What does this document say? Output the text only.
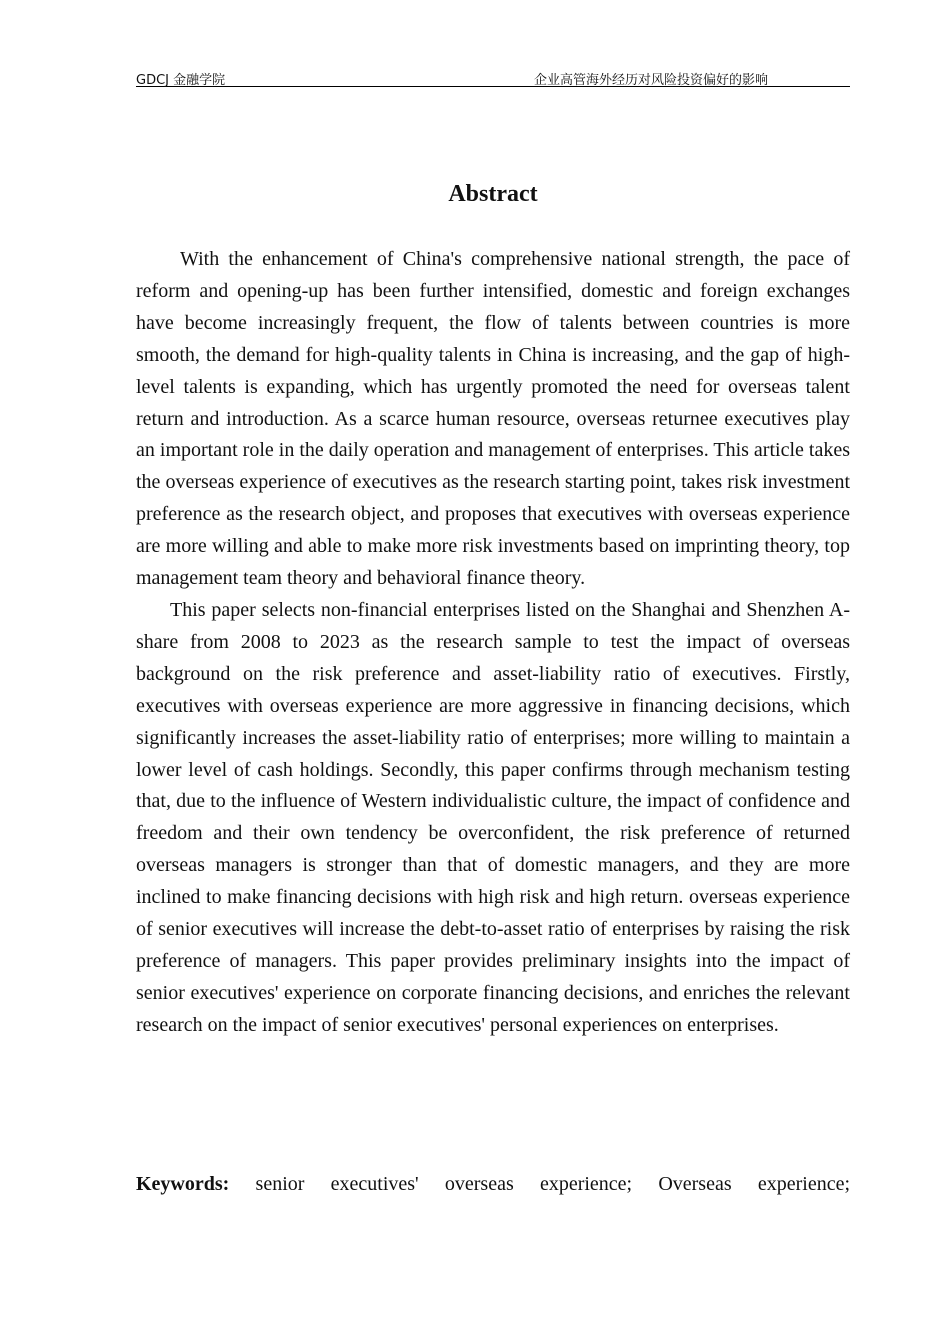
GDCJ 金融学院	企业高管海外经历对风险投资偏好的影响
Abstract

With the enhancement of China's comprehensive national strength, the pace of reform and opening-up has been further intensified, domestic and foreign exchanges have become increasingly frequent, the flow of talents between countries is more smooth, the demand for high-quality talents in China is increasing, and the gap of high-level talents is expanding, which has urgently promoted the need for overseas talent return and introduction. As a scarce human resource, overseas returnee executives play an important role in the daily operation and management of enterprises. This article takes the overseas experience of executives as the research starting point, takes risk investment preference as the research object, and proposes that executives with overseas experience are more willing and able to make more risk investments based on imprinting theory, top management team theory and behavioral finance theory.

This paper selects non-financial enterprises listed on the Shanghai and Shenzhen A-share from 2008 to 2023 as the research sample to test the impact of overseas background on the risk preference and asset-liability ratio of executives. Firstly, executives with overseas experience are more aggressive in financing decisions, which significantly increases the asset-liability ratio of enterprises; more willing to maintain a lower level of cash holdings. Secondly, this paper confirms through mechanism testing that, due to the influence of Western individualistic culture, the impact of confidence and freedom and their own tendency be overconfident, the risk preference of returned overseas managers is stronger than that of domestic managers, and they are more inclined to make financing decisions with high risk and high return. overseas experience of senior executives will increase the debt-to-asset ratio of enterprises by raising the risk preference of managers. This paper provides preliminary insights into the impact of senior executives' experience on corporate financing decisions, and enriches the relevant research on the impact of senior executives' personal experiences on enterprises.

Keywords: senior executives' overseas experience; Overseas experience;
